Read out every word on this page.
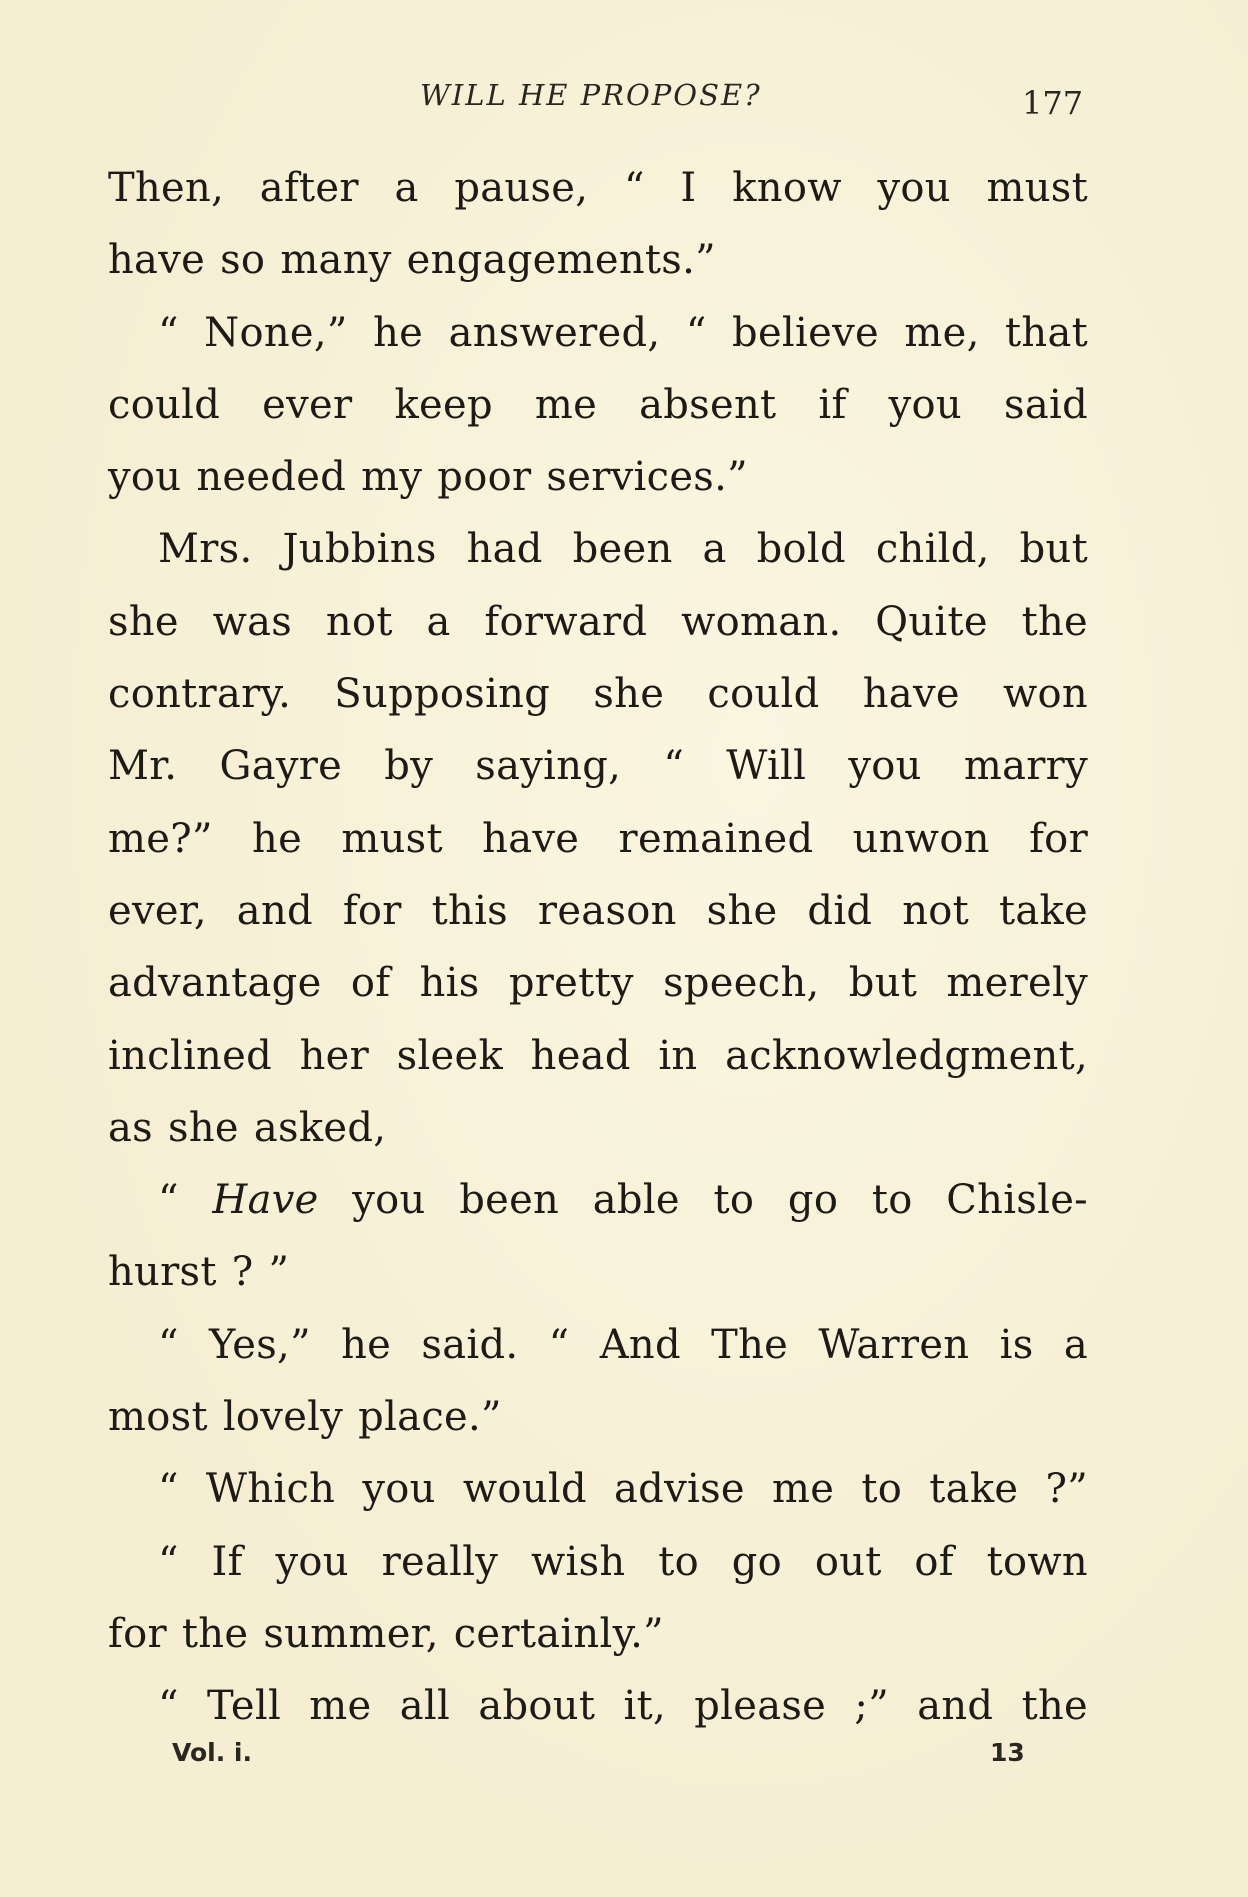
WILL HE PROPOSE?	177
Then, after a pause, “ I know you must
have so many engagements.”
“ None,” he answered, “ believe me, that
could ever keep me absent if you said
you needed my poor services.”
Mrs. Jubbins had been a bold child, but
she was not a forward woman. Quite the
contrary. Supposing she could have won
Mr. Gayre by saying, “ Will you marry
me?” he must have remained unwon for
ever, and for this reason she did not take
advantage of his pretty speech, but merely
inclined her sleek head in acknowledgment,
as she asked,
“ Have you been able to go to Chisle-
hurst ? ”
“ Yes,” he said. “ And The Warren is a
most lovely place.”
“ Which you would advise me to take ?”
“ If you really wish to go out of town
for the summer, certainly.”
“ Tell me all about it, please ;” and the
Vol. i.	13
